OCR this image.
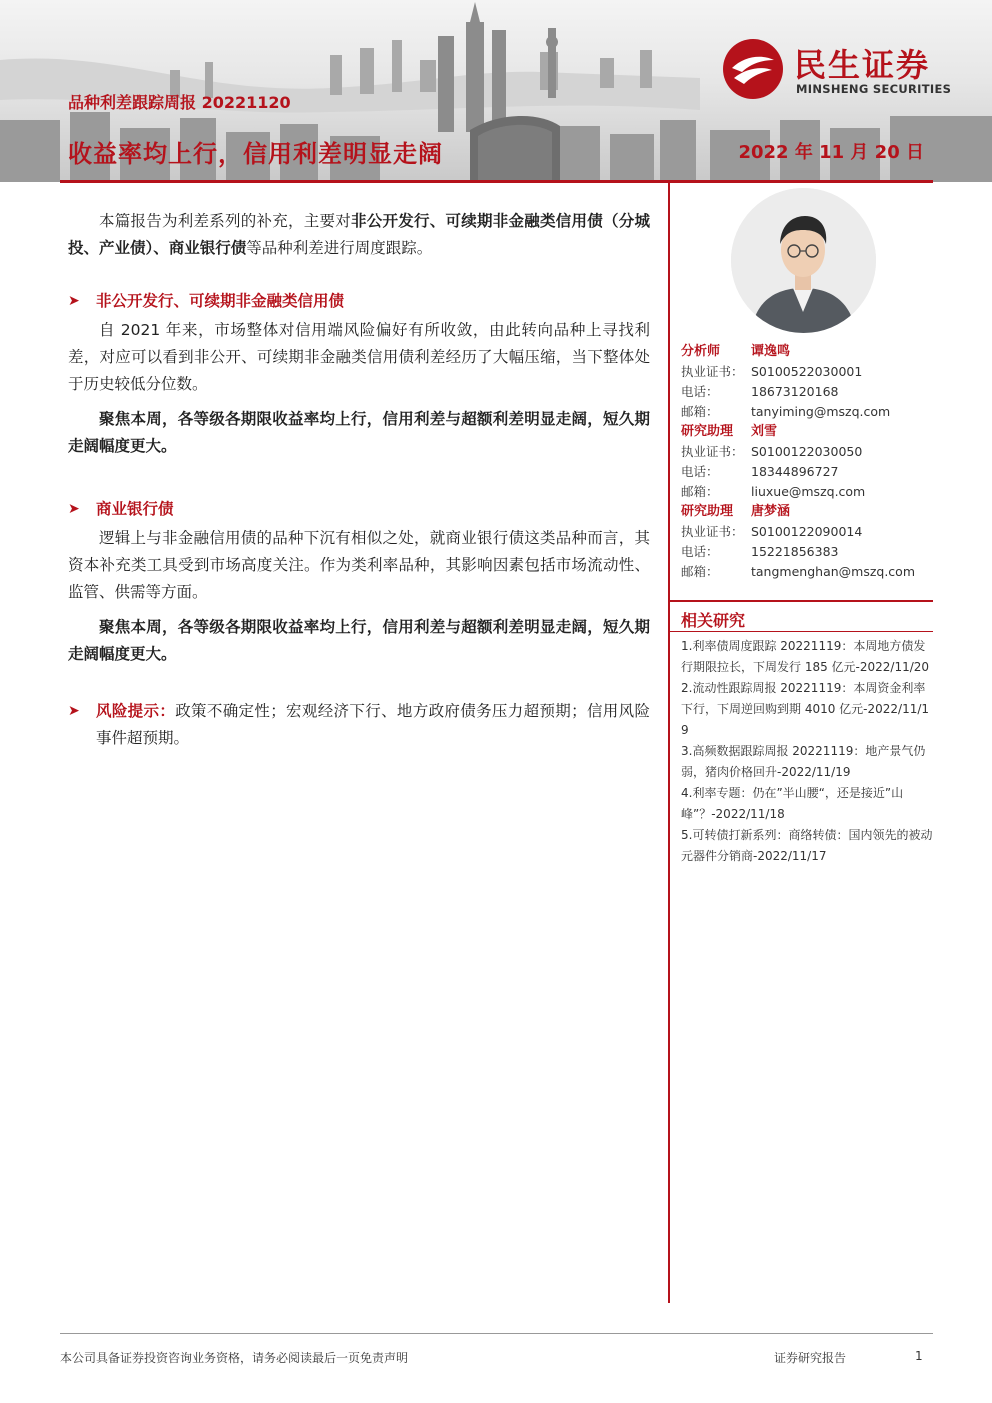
民生证券
MINSHENG SECURITIES
品种利差跟踪周报 20221120
收益率均上行，信用利差明显走阔	2022 年 11 月 20 日

本篇报告为利差系列的补充，主要对非公开发行、可续期非金融类信用债（分城投、产业债）、商业银行债等品种利差进行周度跟踪。

➤	非公开发行、可续期非金融类信用债

自 2021 年来，市场整体对信用端风险偏好有所收敛，由此转向品种上寻找利差，对应可以看到非公开、可续期非金融类信用债利差经历了大幅压缩，当下整体处于历史较低分位数。

聚焦本周，各等级各期限收益率均上行，信用利差与超额利差明显走阔，短久期走阔幅度更大。

➤	商业银行债

逻辑上与非金融信用债的品种下沉有相似之处，就商业银行债这类品种而言，其资本补充类工具受到市场高度关注。作为类利率品种，其影响因素包括市场流动性、监管、供需等方面。

聚焦本周，各等级各期限收益率均上行，信用利差与超额利差明显走阔，短久期走阔幅度更大。

➤	风险提示：政策不确定性；宏观经济下行、地方政府债务压力超预期；信用风险事件超预期。
分析师	谭逸鸣
执业证书： S0100522030001
电话：	18673120168
邮箱：	tanyiming@mszq.com
研究助理	刘雪
执业证书： S0100122030050
电话：	18344896727
邮箱：	liuxue@mszq.com
研究助理	唐梦涵
执业证书： S0100122090014
电话：	15221856383
邮箱：	tangmenghan@mszq.com
相关研究
1.利率债周度跟踪 20221119：本周地方债发行期限拉长，下周发行 185 亿元-2022/11/20
2.流动性跟踪周报 20221119：本周资金利率下行，下周逆回购到期 4010 亿元-2022/11/19
3.高频数据跟踪周报 20221119：地产景气仍弱，猪肉价格回升-2022/11/19
4.利率专题：仍在”半山腰“，还是接近”山峰”？-2022/11/18
5.可转债打新系列：商络转债：国内领先的被动元器件分销商-2022/11/17
本公司具备证券投资咨询业务资格，请务必阅读最后一页免责声明	证券研究报告	1
